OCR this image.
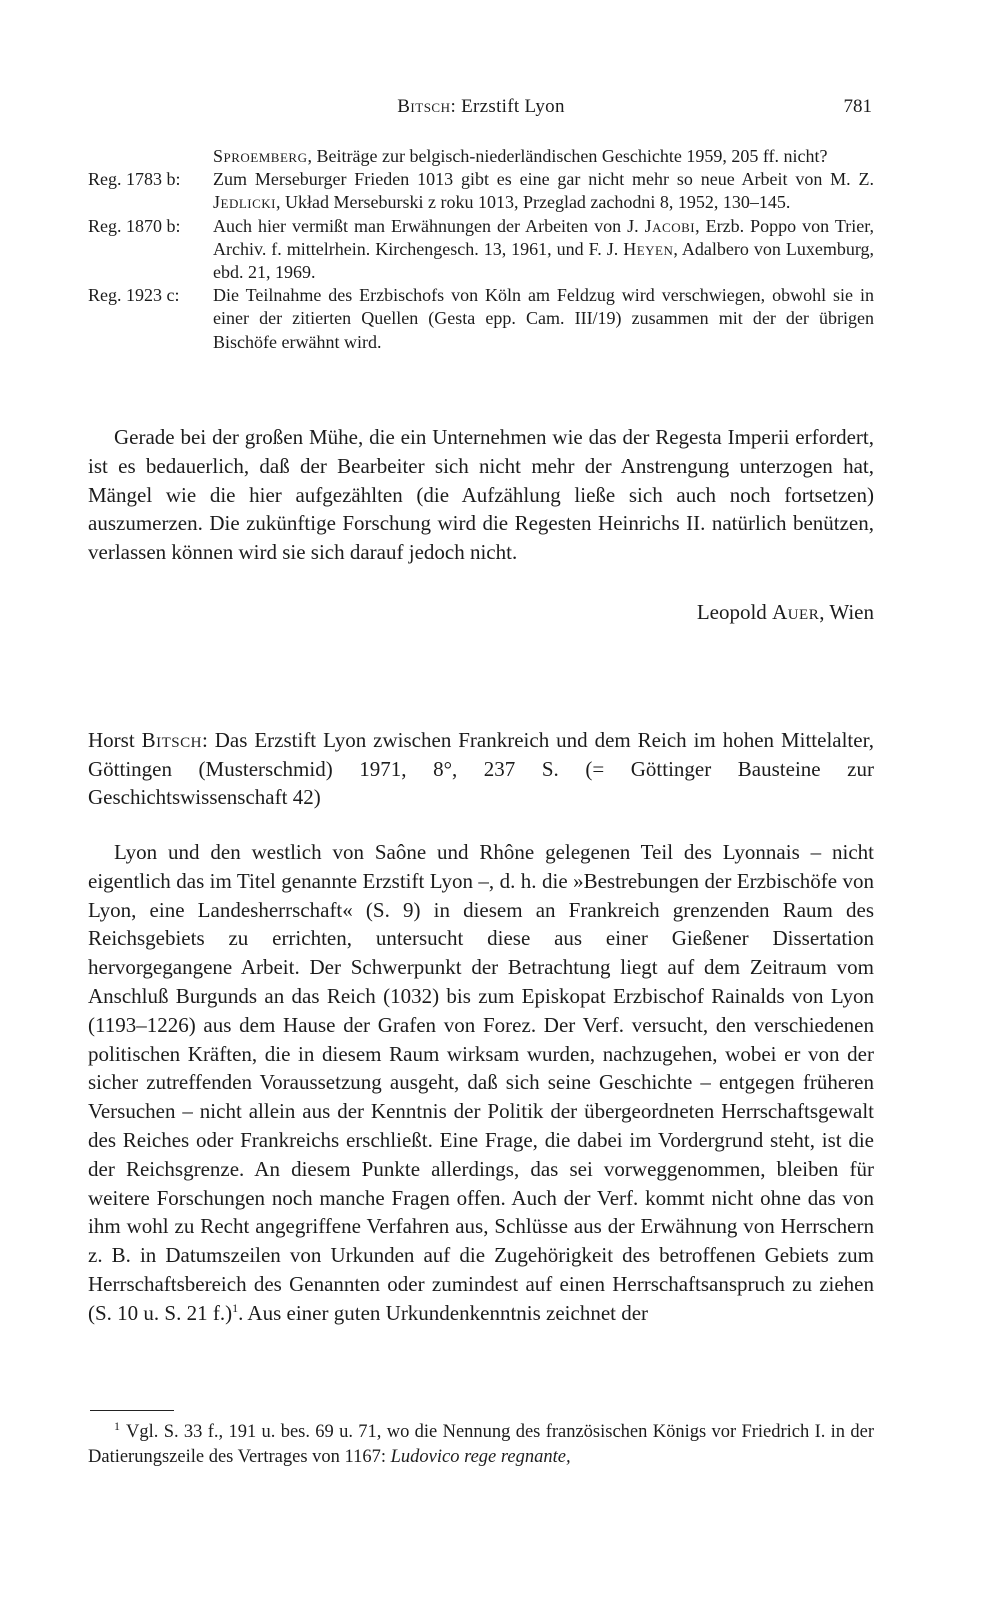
Bitsch: Erzstift Lyon	781
Sproemberg, Beiträge zur belgisch-niederländischen Geschichte 1959, 205 ff. nicht?
Reg. 1783 b:	Zum Merseburger Frieden 1013 gibt es eine gar nicht mehr so neue Arbeit von M. Z. Jedlicki, Układ Merseburski z roku 1013, Przeglad zachodni 8, 1952, 130–145.
Reg. 1870 b:	Auch hier vermißt man Erwähnungen der Arbeiten von J. Jacobi, Erzb. Poppo von Trier, Archiv. f. mittelrhein. Kirchengesch. 13, 1961, und F. J. Heyen, Adalbero von Luxemburg, ebd. 21, 1969.
Reg. 1923 c:	Die Teilnahme des Erzbischofs von Köln am Feldzug wird verschwiegen, obwohl sie in einer der zitierten Quellen (Gesta epp. Cam. III/19) zusammen mit der der übrigen Bischöfe erwähnt wird.

Gerade bei der großen Mühe, die ein Unternehmen wie das der Regesta Imperii erfordert, ist es bedauerlich, daß der Bearbeiter sich nicht mehr der Anstrengung unterzogen hat, Mängel wie die hier aufgezählten (die Aufzählung ließe sich auch noch fortsetzen) auszumerzen. Die zukünftige Forschung wird die Regesten Heinrichs II. natürlich benützen, verlassen können wird sie sich darauf jedoch nicht.

Leopold Auer, Wien

Horst Bitsch: Das Erzstift Lyon zwischen Frankreich und dem Reich im hohen Mittelalter, Göttingen (Musterschmid) 1971, 8°, 237 S. (= Göttinger Bausteine zur Geschichtswissenschaft 42)

Lyon und den westlich von Saône und Rhône gelegenen Teil des Lyonnais – nicht eigentlich das im Titel genannte Erzstift Lyon –, d. h. die »Bestrebungen der Erzbischöfe von Lyon, eine Landesherrschaft« (S. 9) in diesem an Frankreich grenzenden Raum des Reichsgebiets zu errichten, untersucht diese aus einer Gießener Dissertation hervorgegangene Arbeit. Der Schwerpunkt der Betrachtung liegt auf dem Zeitraum vom Anschluß Burgunds an das Reich (1032) bis zum Episkopat Erzbischof Rainalds von Lyon (1193–1226) aus dem Hause der Grafen von Forez. Der Verf. versucht, den verschiedenen politischen Kräften, die in diesem Raum wirksam wurden, nachzugehen, wobei er von der sicher zutreffenden Voraussetzung ausgeht, daß sich seine Geschichte – entgegen früheren Versuchen – nicht allein aus der Kenntnis der Politik der übergeordneten Herrschaftsgewalt des Reiches oder Frankreichs erschließt. Eine Frage, die dabei im Vordergrund steht, ist die der Reichsgrenze. An diesem Punkte allerdings, das sei vorweggenommen, bleiben für weitere Forschungen noch manche Fragen offen. Auch der Verf. kommt nicht ohne das von ihm wohl zu Recht angegriffene Verfahren aus, Schlüsse aus der Erwähnung von Herrschern z. B. in Datumszeilen von Urkunden auf die Zugehörigkeit des betroffenen Gebiets zum Herrschaftsbereich des Genannten oder zumindest auf einen Herrschaftsanspruch zu ziehen (S. 10 u. S. 21 f.)$^1$. Aus einer guten Urkundenkenntnis zeichnet der

$^1$ Vgl. S. 33 f., 191 u. bes. 69 u. 71, wo die Nennung des französischen Königs vor Friedrich I. in der Datierungszeile des Vertrages von 1167: Ludovico rege regnante,
